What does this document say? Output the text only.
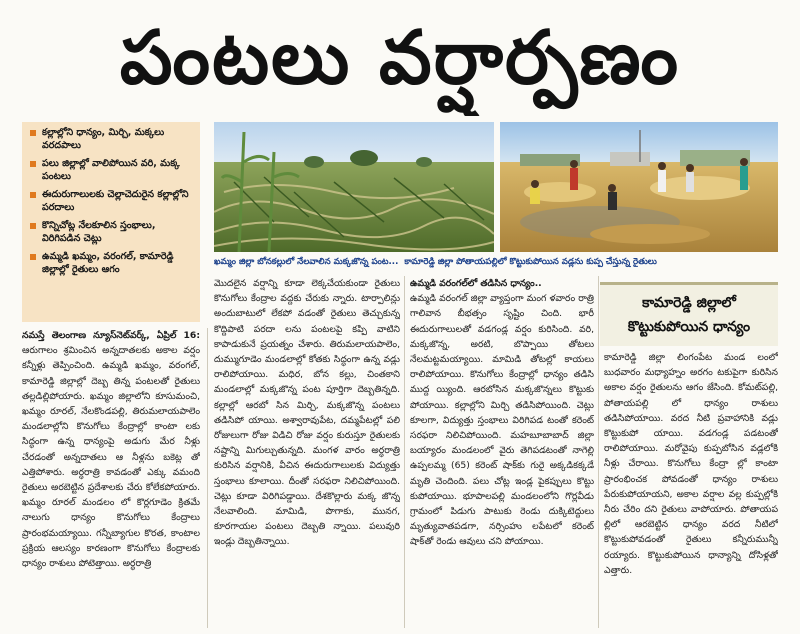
పంటలు వర్షార్పణం
కల్లాల్లోని ధాన్యం, మిర్చి, మక్కలు వరదపాలు
పలు జిల్లాల్లో వాలిపోయిన వరి, మక్క పంటలు
ఈదురుగాలులకు చెల్లాచెదురైన కల్లాల్లోని పరదాలు
కొన్నిచోట్ల నేలకూలిన స్తంభాలు, విరిగిపడిన చెట్లు
ఉమ్మడి ఖమ్మం, వరంగల్, కామారెడ్డి జిల్లాల్లో రైతులు ఆగం
ఖమ్మం జిల్లా బోనకల్లులో నేలవాలిన మక్కజొన్న పంట... కామారెడ్డి జిల్లా పోతాయపల్లిలో కొట్టుకుపోయిన వడ్లను కుప్ప చేస్తున్న రైతులు
నమస్తే తెలంగాణ న్యూస్‌నెట్‌వర్క్, ఏప్రిల్ 16: ఆరుగాలం శ్రమించిన అన్నదాతలకు అకాల వర్షం కన్నీళ్లు తెప్పించింది. ఉమ్మడి ఖమ్మం, వరంగల్, కామారెడ్డి జిల్లాల్లో దెబ్బ తిన్న పంటలతో రైతులు తల్లడిల్లిపోయారు. ఖమ్మం జిల్లాలోని కూసుమంచి, ఖమ్మం రూరల్, నేలకొండపల్లి, తిరుమలాయపాలెం మండలాల్లోని కొనుగోలు కేంద్రాల్లో కాంటా లకు సిద్ధంగా ఉన్న ధాన్యంపై అడుగు మేర నీళ్లు చేరడంతో అన్నదాతలు ఆ నీళ్లను బకెట్ల తో ఎత్తిపోశారు. అర్ధరాత్రి కావడంతో ఎక్కు వమంది రైతులు అరబెట్టిన ప్రదేశాలకు చేరు కోలేకపోయారు. ఖమ్మం రూరల్ మండలం లో కొర్లగూడెం క్రితమే నాలుగు ధాన్యం కొనుగోలు కేంద్రాలు ప్రారంభమయ్యాయి. గన్నీబ్యాగుల కొరత, కాంటాల ప్రక్రియ ఆలస్యం కారణంగా కొనుగోలు కేంద్రాలకు ధాన్యం రాశులు పోటెత్తాయి. అర్ధరాత్రి
మొదలైన వర్షాన్ని కూడా లెక్కచేయకుండా రైతులు కొనుగోలు కేంద్రాల వద్దకు చేరుకు న్నారు. టార్పాలిన్లు అందుబాటులో లేకపో వడంతో రైతులు తెచ్చుకున్న కొద్దిపాటి పరదా లను పంటలపై కప్పి వాటిని కాపాడుకునే ప్రయత్నం చేశారు. తిరుమలాయపాలెం, దుమ్ముగూడెం మండలాల్లో కోతకు సిద్ధంగా ఉన్న వడ్లు రాలిపోయాయి. మధిర, బోన కల్లు, చింతకాని మండలాల్లో మక్కజొన్న పంట పూర్తిగా దెబ్బతిన్నది. కల్లాల్లో ఆరబో సిన మిర్చి, మక్కజొన్న పంటలు తడిసిపో యాయి. అశ్వారావుపేట, దమ్మపేటల్లో పలి రోజులుగా రోజు విడిచి రోజు వర్షం కురుస్తూ రైతులకు నష్టాన్ని మిగుల్చుతున్నది. మంగళ వారం అర్ధరాత్రి కురిసిన వర్షానికి, వీచిన ఈదురుగాలులకు విద్యుత్తు స్తంభాలు కూలాయి. దీంతో సరఫరా నిలిచిపోయింది. చెట్లు కూడా విరిగిపడ్డాయి. దేశకొల్లారు మక్క జొన్న నేలవాలింది. మామిడి, పొగాకు, మునగ, కూరగాయల పంటలు దెబ్బతి న్నాయి. పలువురి ఇండ్లు దెబ్బతిన్నాయి.
ఉమ్మడి వరంగల్‌లో తడిసిన ధాన్యం..
ఉమ్మడి వరంగల్ జిల్లా వ్యాప్తంగా మంగ ళవారం రాత్రి గాలివాన బీభత్సం సృష్టిం చింది. భారీ ఈదురుగాలులతో వడగండ్ల వర్షం కురిసింది. వరి, మక్కజొన్న, అరటి, బొప్పాయి తోటలు నేలమట్టమయ్యాయి. మామిడి తోటల్లో కాయలు రాలిపోయాయి. కొనుగోలు కేంద్రాల్లో ధాన్యం తడిసి ముద్ద య్యింది. ఆరబోసిన మక్కజొన్నలు కొట్టుకు పోయాయి. కల్లాల్లోని మిర్చి తడిసిపోయింది. చెట్లు కూలగా, విద్యుత్తు స్తంభాలు విరిగిపడ టంతో కరెంట్ సరఫరా నిలిచిపోయింది. మహబూబాబాద్ జిల్లా బయ్యారం మండలంలో వైరు తెగిపడటంతో నాగెల్లి ఉప్పలమ్మ (65) కరెంట్ షాక్‌కు గురై అక్కడికక్కడే మృతి చెందింది. పలు చోట్ల ఇండ్ల పైకప్పులు కొట్టు కుపోయాయి. భూపాలపల్లి మండలంలోని గొర్లవీడు గ్రామంలో పిడుగు పాటుకు రెండు దుక్కిటెద్దులు మృత్యువాతపడగా, నర్సింహు లపేటలో కరెంట్ షాక్‌తో రెండు ఆవులు చని పోయాయి.
కామారెడ్డి జిల్లాలో
కొట్టుకుపోయిన ధాన్యం
కామారెడ్డి జిల్లా లింగంపేట మండ లంలో బుధవారం మధ్యాహ్నం అరగం టకుపైగా కురిసిన అకాల వర్షం రైతులను ఆగం జేసింది. కోమట్‌పల్లి, పోతాయపల్లి లో ధాన్యం రాశులు తడిసిపోయాయి. వరద నీటి ప్రవాహానికి వడ్లు కొట్టుకుపో యాయి. వడగండ్ల పడటంతో రాలిపోయాయి. మరోవైపు కుప్పబోసిన వడ్లలోకి నీళ్లు చేరాయి. కొనుగోలు కేంద్రా ల్లో కాంటా ప్రారంభించక పోవడంతో ధాన్యం రాశులు పేరుకుపోయాయని, అకాల వర్షాల వల్ల కుప్పల్లోకి నీరు చేరిం దని రైతులు వాపోయారు. పోతాయప ల్లిలో ఆరబెట్టిన ధాన్యం వరద నీటిలో కొట్టుకుపోవడంతో రైతులు కన్నీరుమున్నీ రయ్యారు. కొట్టుకుపోయిన ధాన్యాన్ని దోసిళ్లతో ఎత్తారు.
